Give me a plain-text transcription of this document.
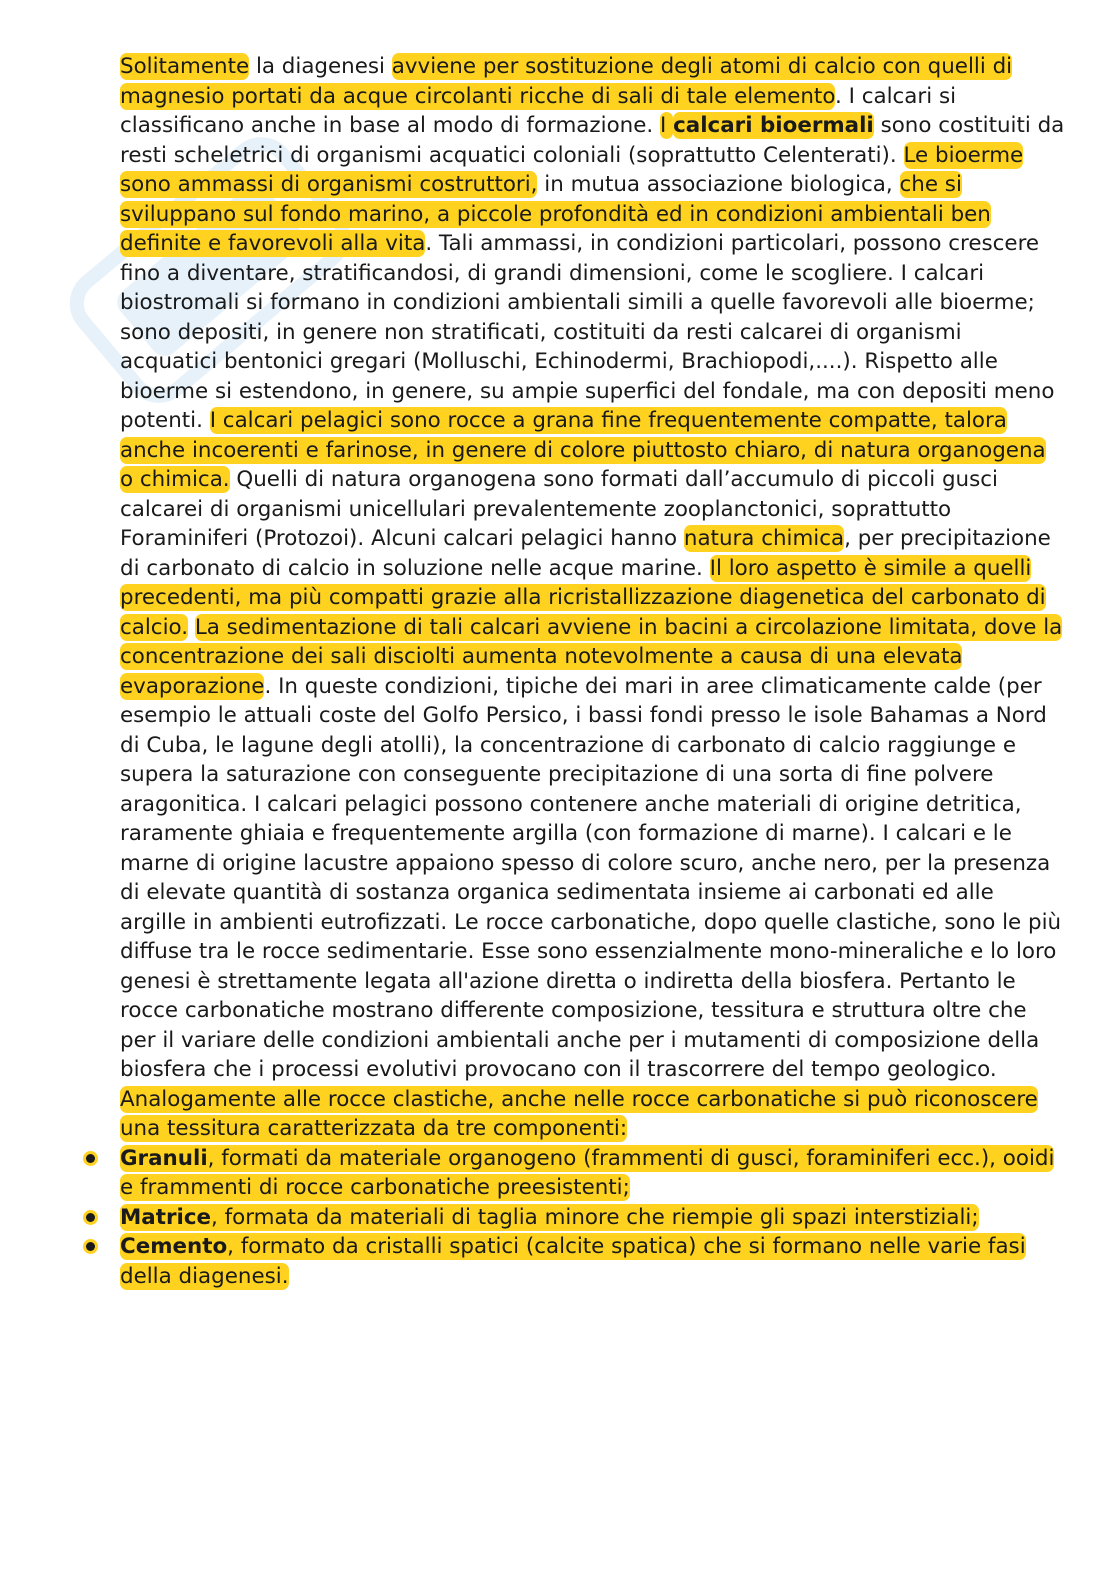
Solitamente la diagenesi avviene per sostituzione degli atomi di calcio con quelli di magnesio portati da acque circolanti ricche di sali di tale elemento. I calcari si classificano anche in base al modo di formazione. I calcari bioermali sono costituiti da resti scheletrici di organismi acquatici coloniali (soprattutto Celenterati). Le bioerme sono ammassi di organismi costruttori, in mutua associazione biologica, che si sviluppano sul fondo marino, a piccole profondità ed in condizioni ambientali ben definite e favorevoli alla vita. Tali ammassi, in condizioni particolari, possono crescere fino a diventare, stratificandosi, di grandi dimensioni, come le scogliere. I calcari biostromali si formano in condizioni ambientali simili a quelle favorevoli alle bioerme; sono depositi, in genere non stratificati, costituiti da resti calcarei di organismi acquatici bentonici gregari (Molluschi, Echinodermi, Brachiopodi,....). Rispetto alle bioerme si estendono, in genere, su ampie superfici del fondale, ma con depositi meno potenti. I calcari pelagici sono rocce a grana fine frequentemente compatte, talora anche incoerenti e farinose, in genere di colore piuttosto chiaro, di natura organogena o chimica. Quelli di natura organogena sono formati dall’accumulo di piccoli gusci calcarei di organismi unicellulari prevalentemente zooplanctonici, soprattutto Foraminiferi (Protozoi). Alcuni calcari pelagici hanno natura chimica, per precipitazione di carbonato di calcio in soluzione nelle acque marine. Il loro aspetto è simile a quelli precedenti, ma più compatti grazie alla ricristallizzazione diagenetica del carbonato di calcio. La sedimentazione di tali calcari avviene in bacini a circolazione limitata, dove la concentrazione dei sali disciolti aumenta notevolmente a causa di una elevata evaporazione. In queste condizioni, tipiche dei mari in aree climaticamente calde (per esempio le attuali coste del Golfo Persico, i bassi fondi presso le isole Bahamas a Nord di Cuba, le lagune degli atolli), la concentrazione di carbonato di calcio raggiunge e supera la saturazione con conseguente precipitazione di una sorta di fine polvere aragonitica. I calcari pelagici possono contenere anche materiali di origine detritica, raramente ghiaia e frequentemente argilla (con formazione di marne). I calcari e le marne di origine lacustre appaiono spesso di colore scuro, anche nero, per la presenza di elevate quantità di sostanza organica sedimentata insieme ai carbonati ed alle argille in ambienti eutrofizzati. Le rocce carbonatiche, dopo quelle clastiche, sono le più diffuse tra le rocce sedimentarie. Esse sono essenzialmente mono-mineraliche e lo loro genesi è strettamente legata all'azione diretta o indiretta della biosfera. Pertanto le rocce carbonatiche mostrano differente composizione, tessitura e struttura oltre che per il variare delle condizioni ambientali anche per i mutamenti di composizione della biosfera che i processi evolutivi provocano con il trascorrere del tempo geologico. Analogamente alle rocce clastiche, anche nelle rocce carbonatiche si può riconoscere una tessitura caratterizzata da tre componenti:

Granuli, formati da materiale organogeno (frammenti di gusci, foraminiferi ecc.), ooidi e frammenti di rocce carbonatiche preesistenti;
Matrice, formata da materiali di taglia minore che riempie gli spazi interstiziali;
Cemento, formato da cristalli spatici (calcite spatica) che si formano nelle varie fasi della diagenesi.
